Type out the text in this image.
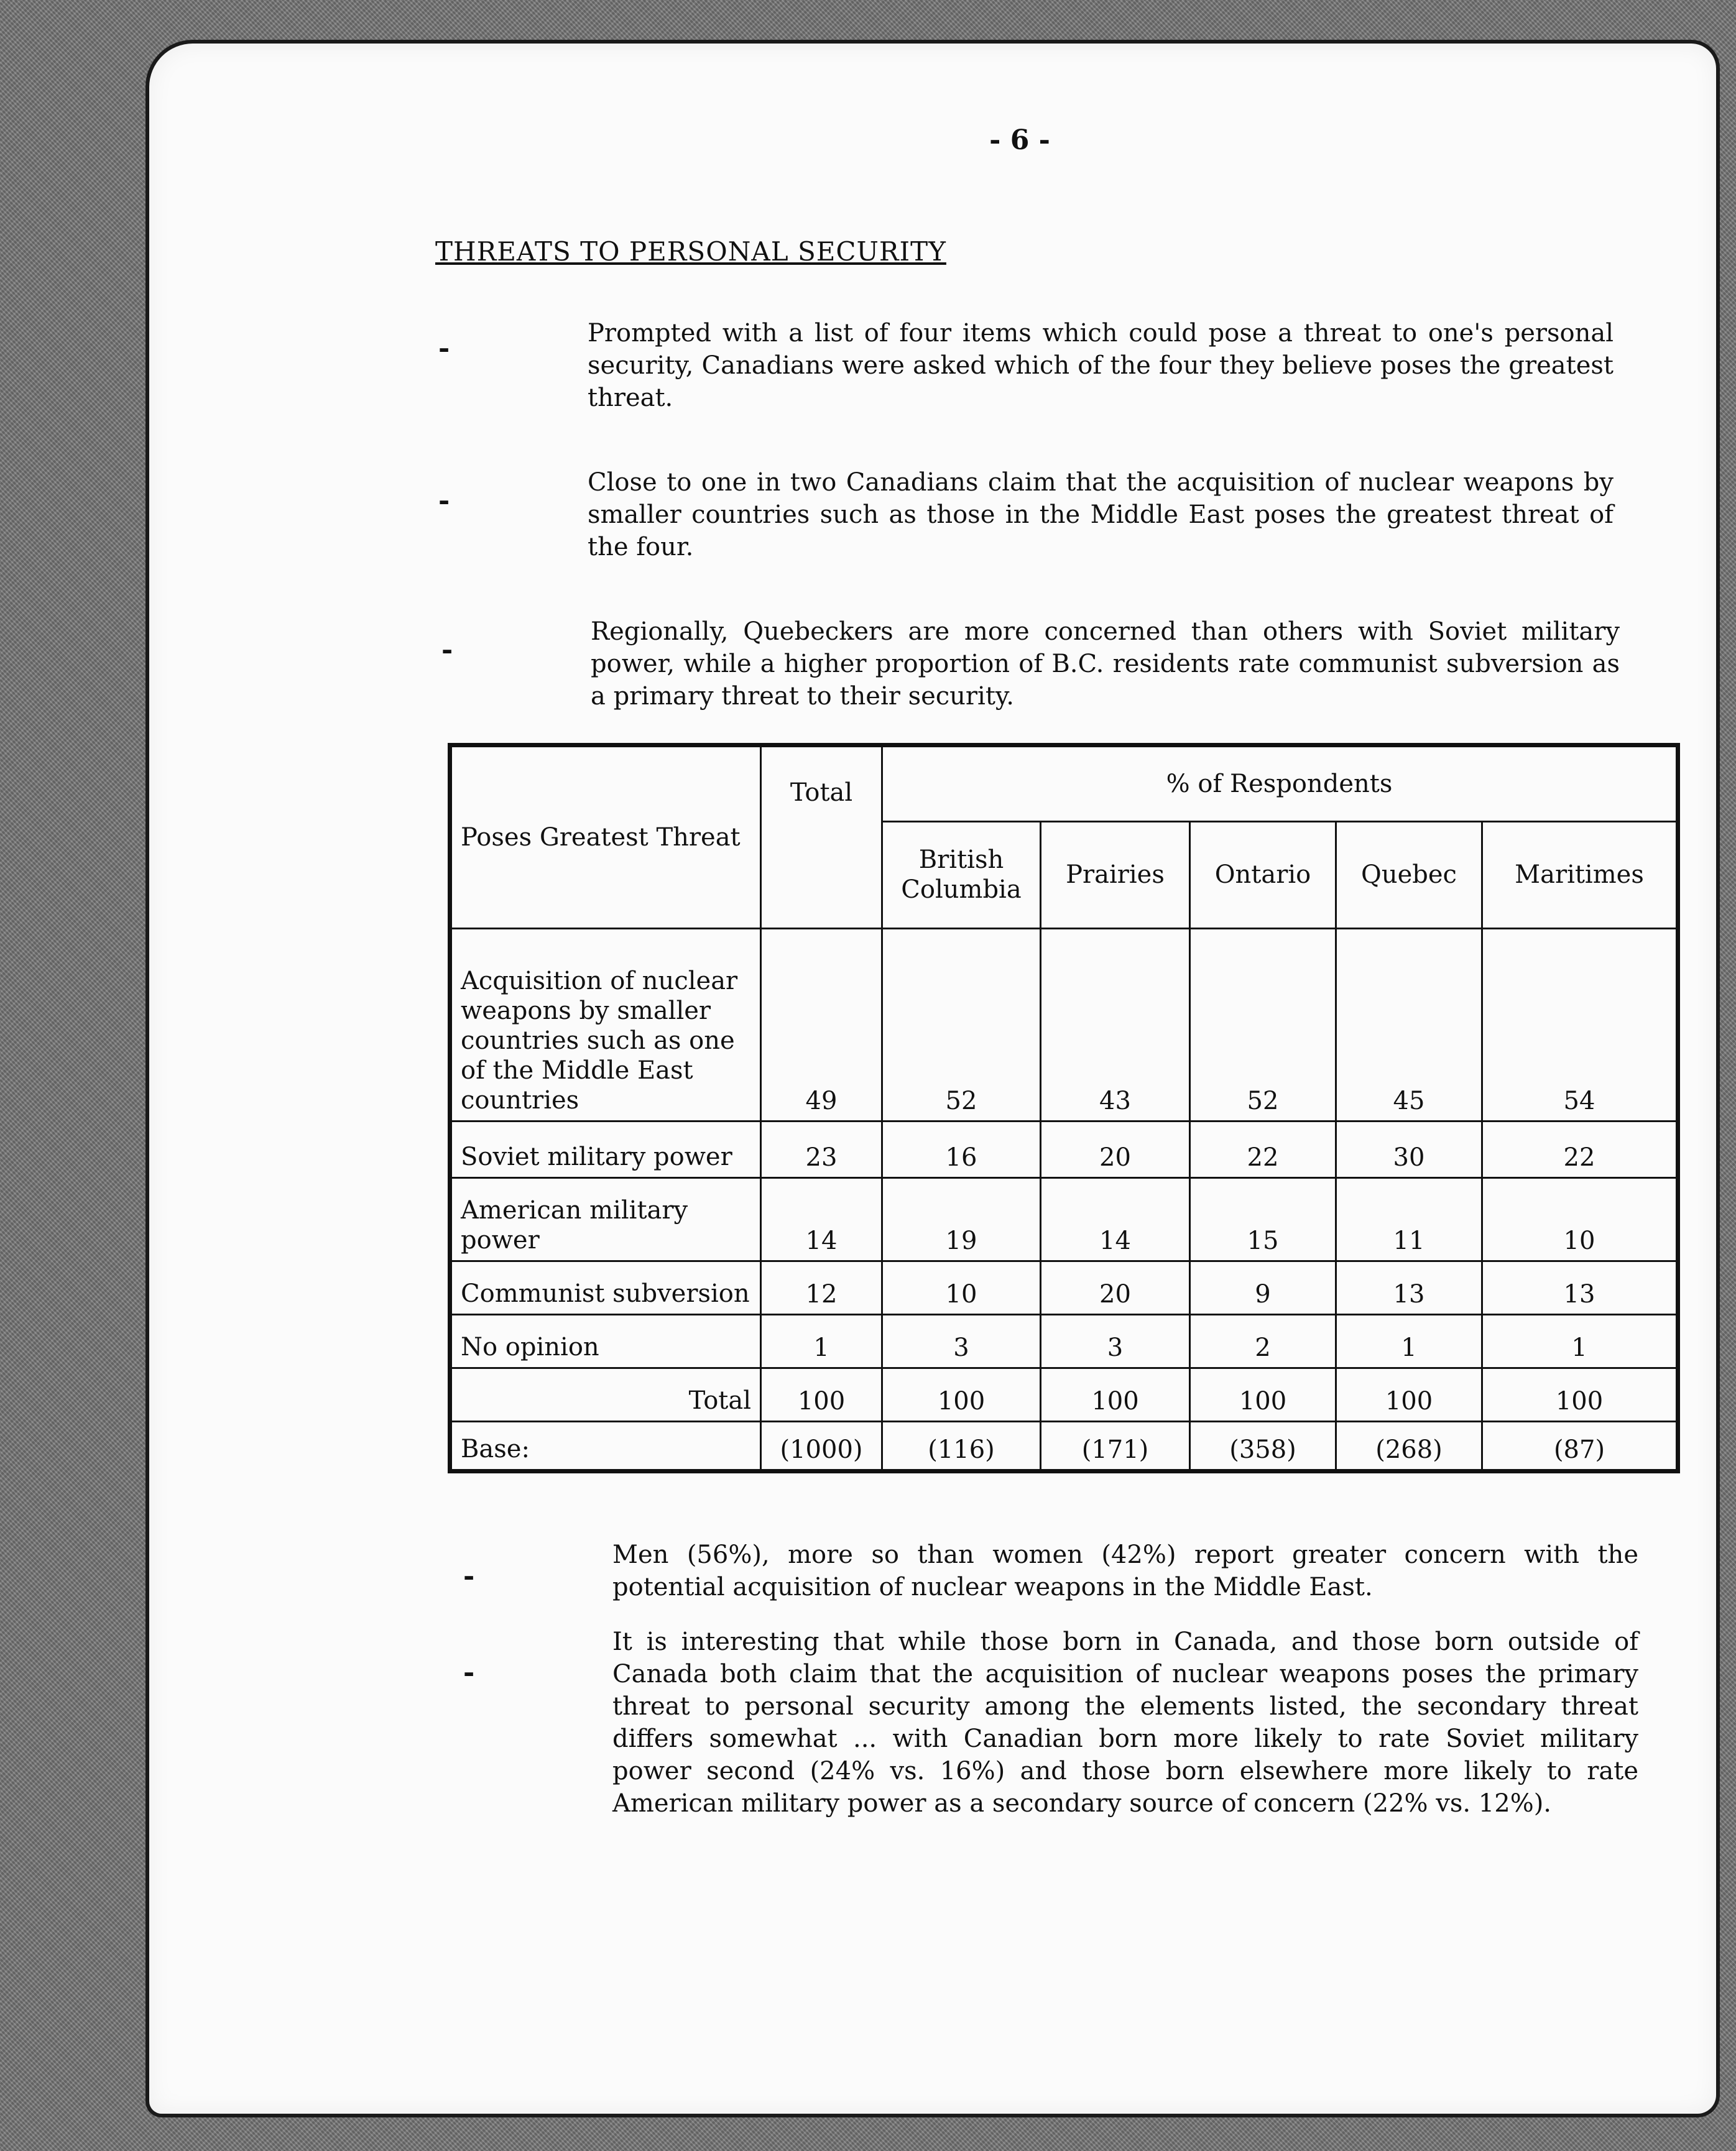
- 6 -
THREATS TO PERSONAL SECURITY
-	Prompted with a list of four items which could pose a threat to one's personal security, Canadians were asked which of the four they believe poses the greatest threat.
-
Close to one in two Canadians claim that the acquisition of nuclear weapons by smaller countries such as those in the Middle East poses the greatest threat of the four.
-
Regionally, Quebeckers are more concerned than others with Soviet military power, while a higher proportion of B.C. residents rate communist subversion as a primary threat to their security.
Poses Greatest Threat	Total	% of Respondents				
		British Columbia	Prairies	Ontario	Quebec	Maritimes
Acquisition of nuclear weapons by smaller countries such as one of the Middle East countries	49	52	43	52	45	54
Soviet military power	23	16	20	22	30	22
American military power	14	19	14	15	11	10
Communist subversion	12	10	20	9	13	13
No opinion	1	3	3	2	1	1
Total	100	100	100	100	100	100
Base:	(1000)	(116)	(171)	(358)	(268)	(87)
-
Men (56%), more so than women (42%) report greater concern with the potential acquisition of nuclear weapons in the Middle East.
-
It is interesting that while those born in Canada, and those born outside of Canada both claim that the acquisition of nuclear weapons poses the primary threat to personal security among the elements listed, the secondary threat differs somewhat ... with Canadian born more likely to rate Soviet military power second (24% vs. 16%) and those born elsewhere more likely to rate American military power as a secondary source of concern (22% vs. 12%).
